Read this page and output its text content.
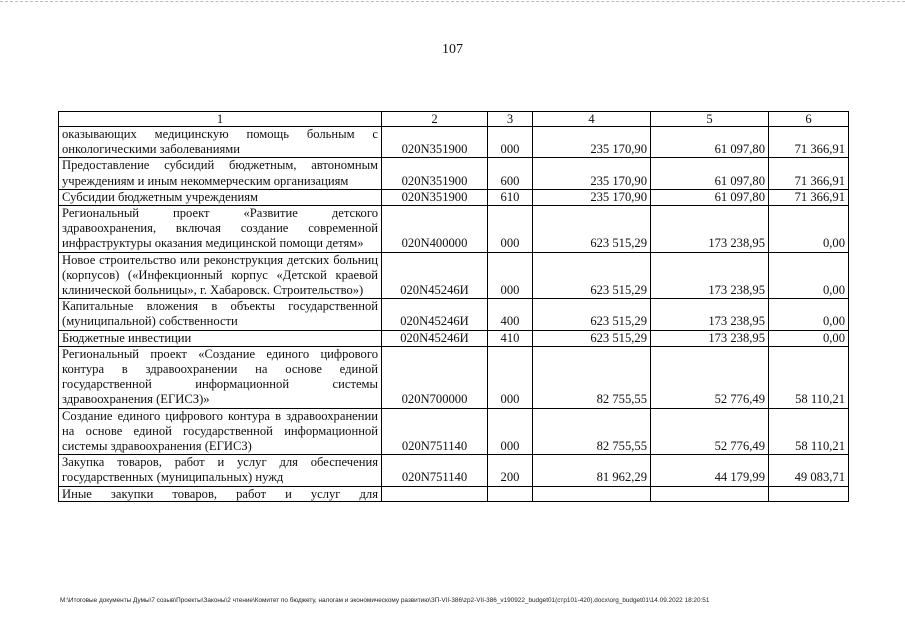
107
1	2	3	4	5	6
оказывающих медицинскую помощь больным с онкологическими заболеваниями	020N351900	000	235 170,90	61 097,80	71 366,91
Предоставление субсидий бюджетным, автономным учреждениям и иным некоммерческим организациям	020N351900	600	235 170,90	61 097,80	71 366,91
Субсидии бюджетным учреждениям	020N351900	610	235 170,90	61 097,80	71 366,91
Региональный проект «Развитие детского здравоохранения, включая создание современной инфраструктуры оказания медицинской помощи детям»	020N400000	000	623 515,29	173 238,95	0,00
Новое строительство или реконструкция детских больниц (корпусов) («Инфекционный корпус «Детской краевой клинической больницы», г. Хабаровск. Строительство»)	020N45246И	000	623 515,29	173 238,95	0,00
Капитальные вложения в объекты государственной (муниципальной) собственности	020N45246И	400	623 515,29	173 238,95	0,00
Бюджетные инвестиции	020N45246И	410	623 515,29	173 238,95	0,00
Региональный проект «Создание единого цифрового контура в здравоохранении на основе единой государственной информационной системы здравоохранения (ЕГИСЗ)»	020N700000	000	82 755,55	52 776,49	58 110,21
Создание единого цифрового контура в здравоохранении на основе единой государственной информационной системы здравоохранения (ЕГИСЗ)	020N751140	000	82 755,55	52 776,49	58 110,21
Закупка товаров, работ и услуг для обеспечения государственных (муниципальных) нужд	020N751140	200	81 962,29	44 179,99	49 083,71

Иные закупки товаров, работ и услуг для					

М:\Итоговые документы Думы\7 созыв\Проекты\Законы\2 чтение\Комитет по бюджету, налогам и экономическому развитию\ЗП-VII-386\zp2-VII-386_v190922_budget01(стр101-420).docx\org_budget01\14.09.2022 18:20:51
